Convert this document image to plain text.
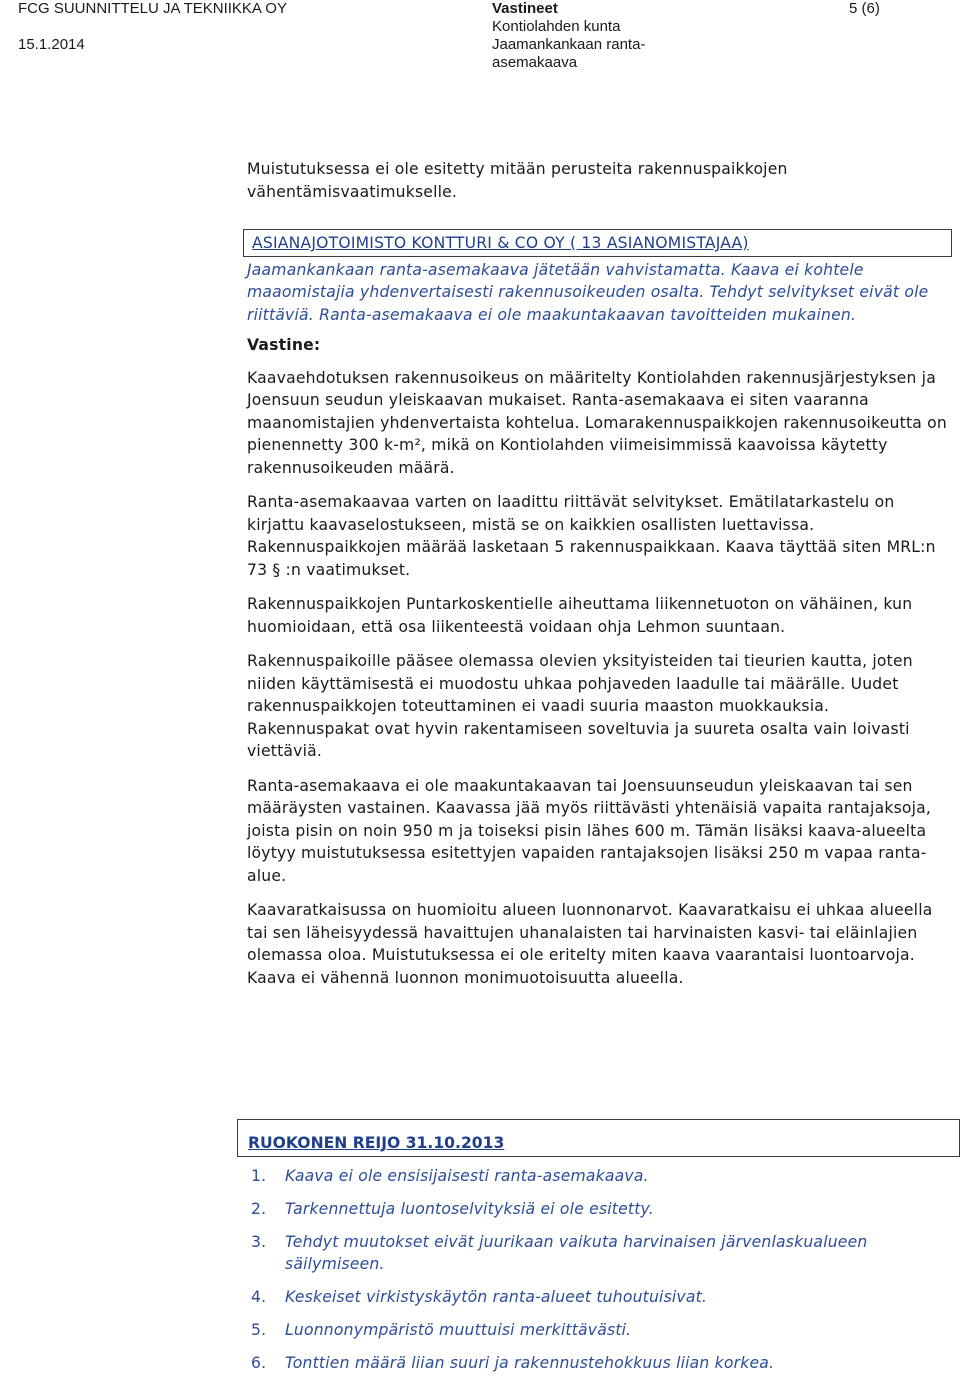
FCG SUUNNITTELU JA TEKNIIKKA OY
15.1.2014
Vastineet
Kontiolahden kunta
Jaamankankaan ranta-
asemakaava
5 (6)

Muistutuksessa ei ole esitetty mitään perusteita rakennuspaikkojen vähentämisvaatimukselle.

ASIANAJOTOIMISTO KONTTURI & CO OY ( 13 ASIANOMISTAJAA)

Jaamankankaan ranta-asemakaava jätetään vahvistamatta. Kaava ei kohtele maaomistajia yhdenvertaisesti rakennusoikeuden osalta. Tehdyt selvitykset eivät ole riittäviä. Ranta-asemakaava ei ole maakuntakaavan tavoitteiden mukainen.

Vastine:

Kaavaehdotuksen rakennusoikeus on määritelty Kontiolahden rakennusjärjestyksen ja Joensuun seudun yleiskaavan mukaiset. Ranta-asemakaava ei siten vaaranna maanomistajien yhdenvertaista kohtelua. Lomarakennuspaikkojen rakennusoikeutta on pienennetty 300 k-m², mikä on Kontiolahden viimeisimmissä kaavoissa käytetty rakennusoikeuden määrä.

Ranta-asemakaavaa varten on laadittu riittävät selvitykset. Emätilatarkastelu on kirjattu kaavaselostukseen, mistä se on kaikkien osallisten luettavissa. Rakennuspaikkojen määrää lasketaan 5 rakennuspaikkaan. Kaava täyttää siten MRL:n 73 § :n vaatimukset.

Rakennuspaikkojen Puntarkoskentielle aiheuttama liikennetuoton on vähäinen, kun huomioidaan, että osa liikenteestä voidaan ohja Lehmon suuntaan.

Rakennuspaikoille pääsee olemassa olevien yksityisteiden tai tieurien kautta, joten niiden käyttämisestä ei muodostu uhkaa pohjaveden laadulle tai määrälle. Uudet rakennuspaikkojen toteuttaminen ei vaadi suuria maaston muokkauksia. Rakennuspakat ovat hyvin rakentamiseen soveltuvia ja suureta osalta vain loivasti viettäviä.

Ranta-asemakaava ei ole maakuntakaavan tai Joensuunseudun yleiskaavan tai sen määräysten vastainen. Kaavassa jää myös riittävästi yhtenäisiä vapaita rantajaksoja, joista pisin on noin 950 m ja toiseksi pisin lähes 600 m. Tämän lisäksi kaava-alueelta löytyy muistutuksessa esitettyjen vapaiden rantajaksojen lisäksi 250 m vapaa ranta-alue.

Kaavaratkaisussa on huomioitu alueen luonnonarvot. Kaavaratkaisu ei uhkaa alueella tai sen läheisyydessä havaittujen uhanalaisten tai harvinaisten kasvi- tai eläinlajien olemassa oloa. Muistutuksessa ei ole eritelty miten kaava vaarantaisi luontoarvoja. Kaava ei vähennä luonnon monimuotoisuutta alueella.

RUOKONEN REIJO 31.10.2013
1. Kaava ei ole ensisijaisesti ranta-asemakaava.
2. Tarkennettuja luontoselvityksiä ei ole esitetty.
3. Tehdyt muutokset eivät juurikaan vaikuta harvinaisen järvenlaskualueen säilymiseen.
4. Keskeiset virkistyskäytön ranta-alueet tuhoutuisivat.
5. Luonnonympäristö muuttuisi merkittävästi.
6. Tonttien määrä liian suuri ja rakennustehokkuus liian korkea.
